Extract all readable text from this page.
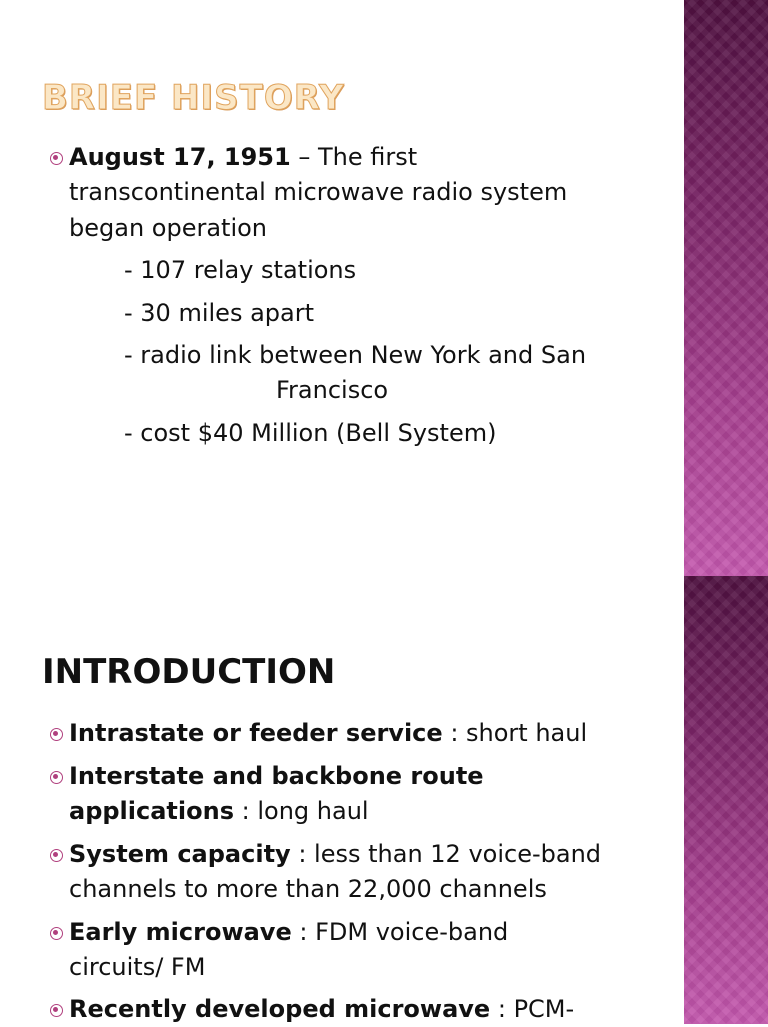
BRIEF HISTORY
August 17, 1951 – The first
transcontinental microwave radio system
began operation
- 107 relay stations
- 30 miles apart
- radio link between New York and San
Francisco
- cost $40 Million (Bell System)
INTRODUCTION
Intrastate or feeder service : short haul
Interstate and backbone route
applications : long haul
System capacity : less than 12 voice-band
channels to more than 22,000 channels
Early microwave : FDM voice-band
circuits/ FM
Recently developed microwave : PCM-
